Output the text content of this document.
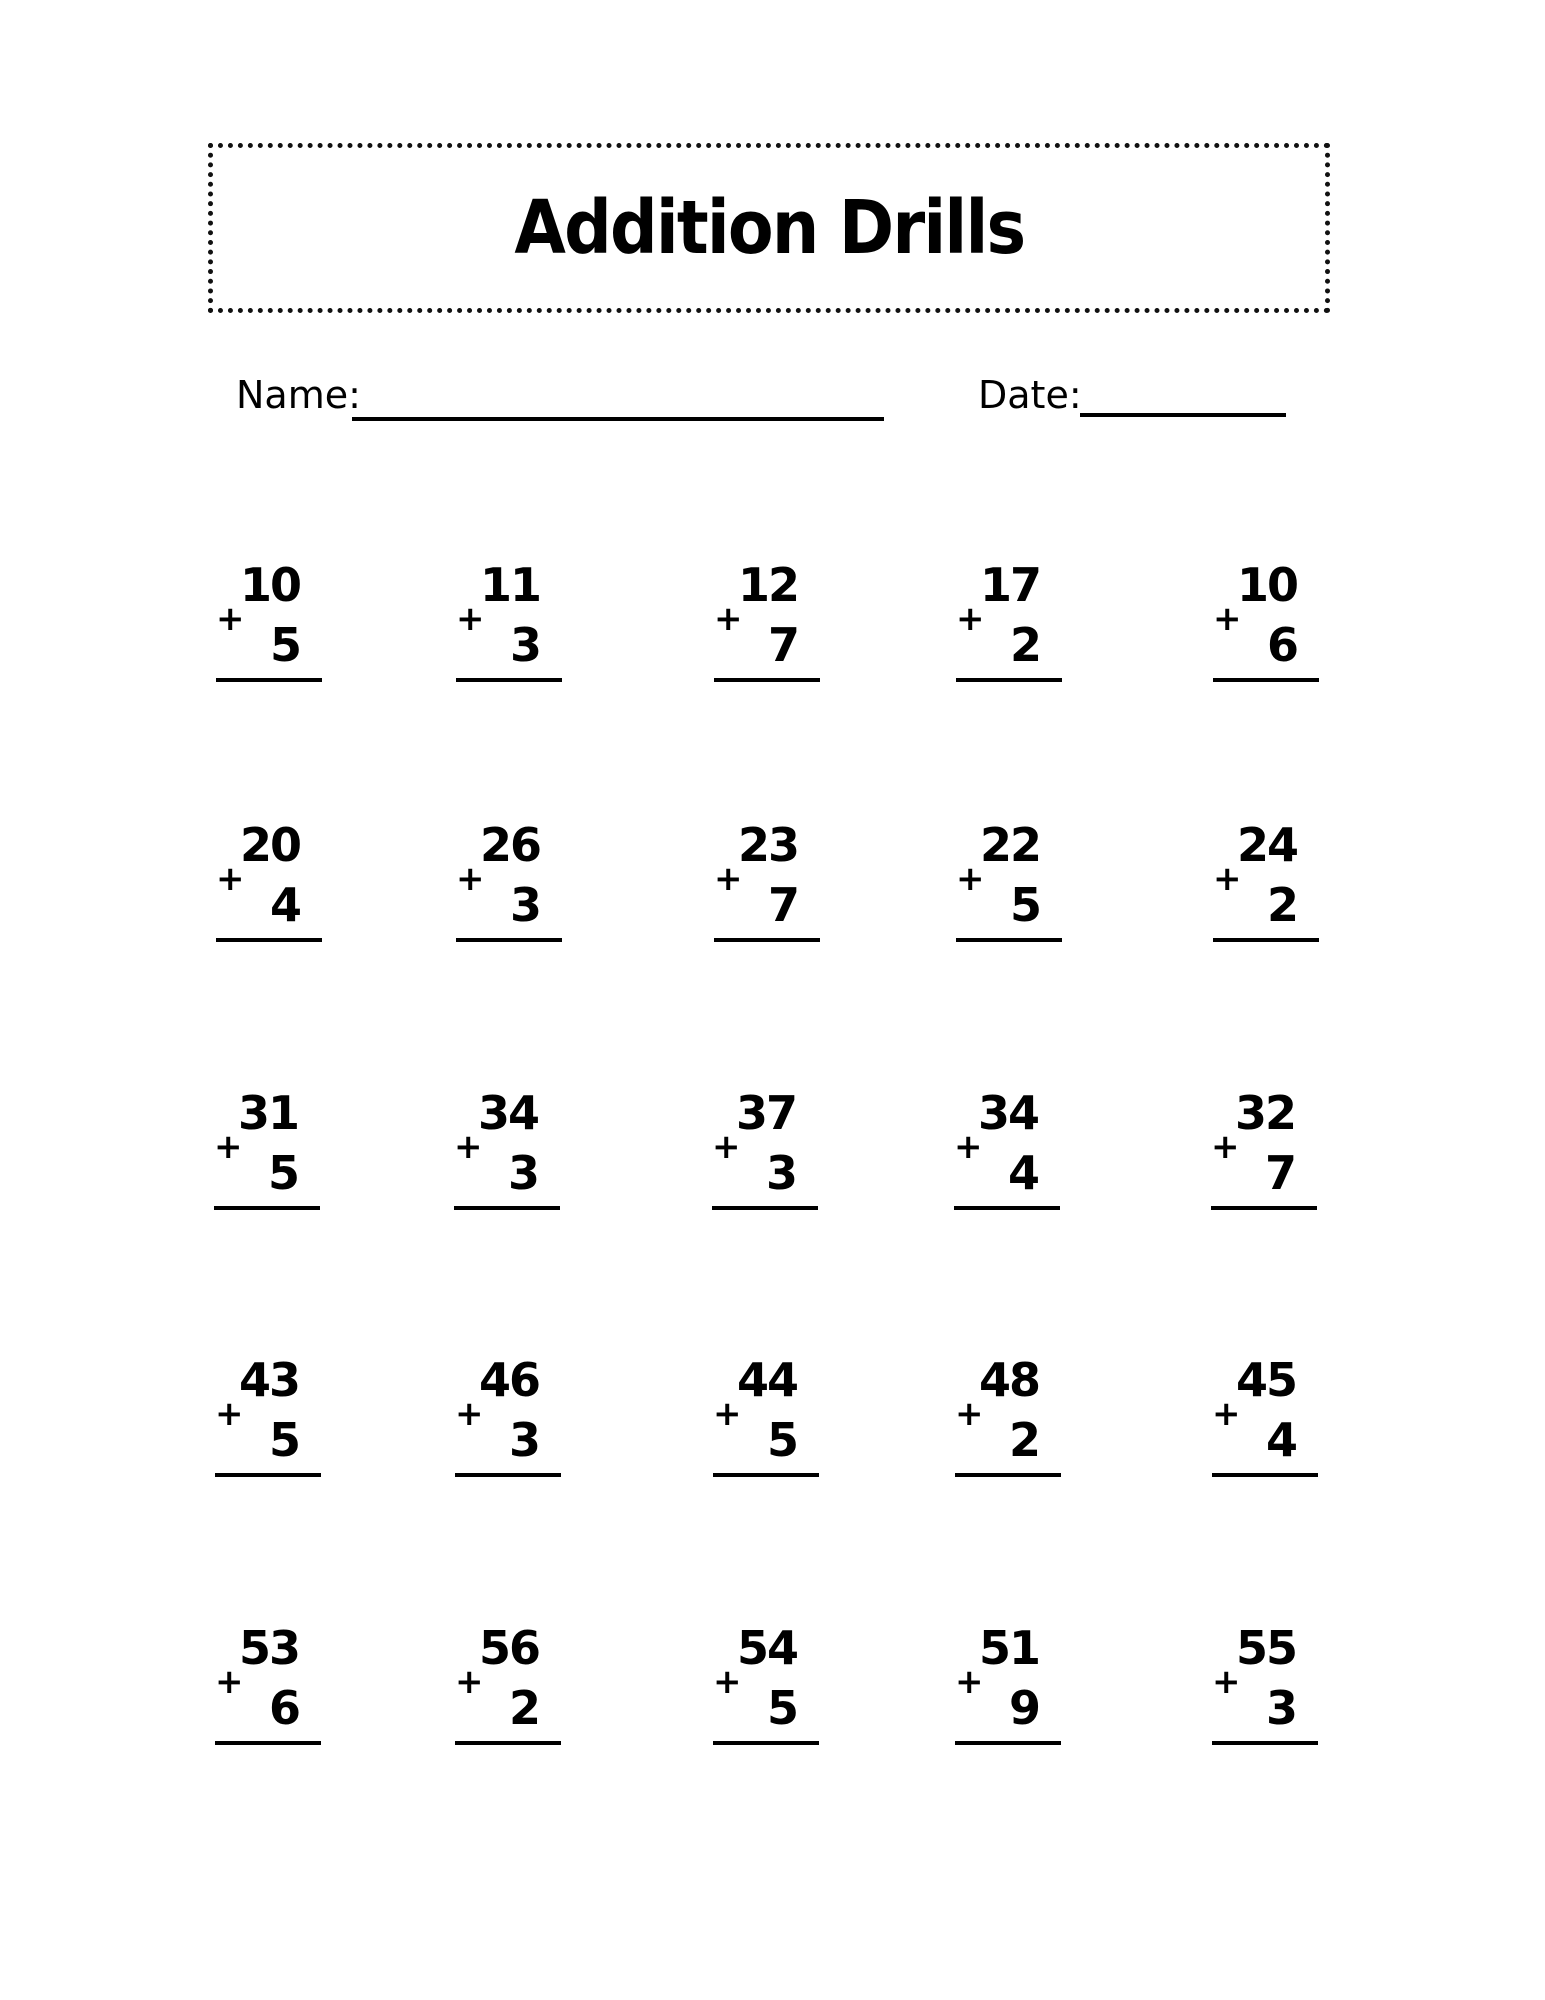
Addition Drills
Name:	Date:
10
+ 5
11
+ 3
12
+ 7
17
+ 2
10
+ 6
20
+ 4
26
+ 3
23
+ 7
22
+ 5
24
+ 2
31
+ 5
34
+ 3
37
+ 3
34
+ 4
32
+ 7
43
+ 5
46
+ 3
44
+ 5
48
+ 2
45
+ 4
53
+ 6
56
+ 2
54
+ 5
51
+ 9
55
+ 3
